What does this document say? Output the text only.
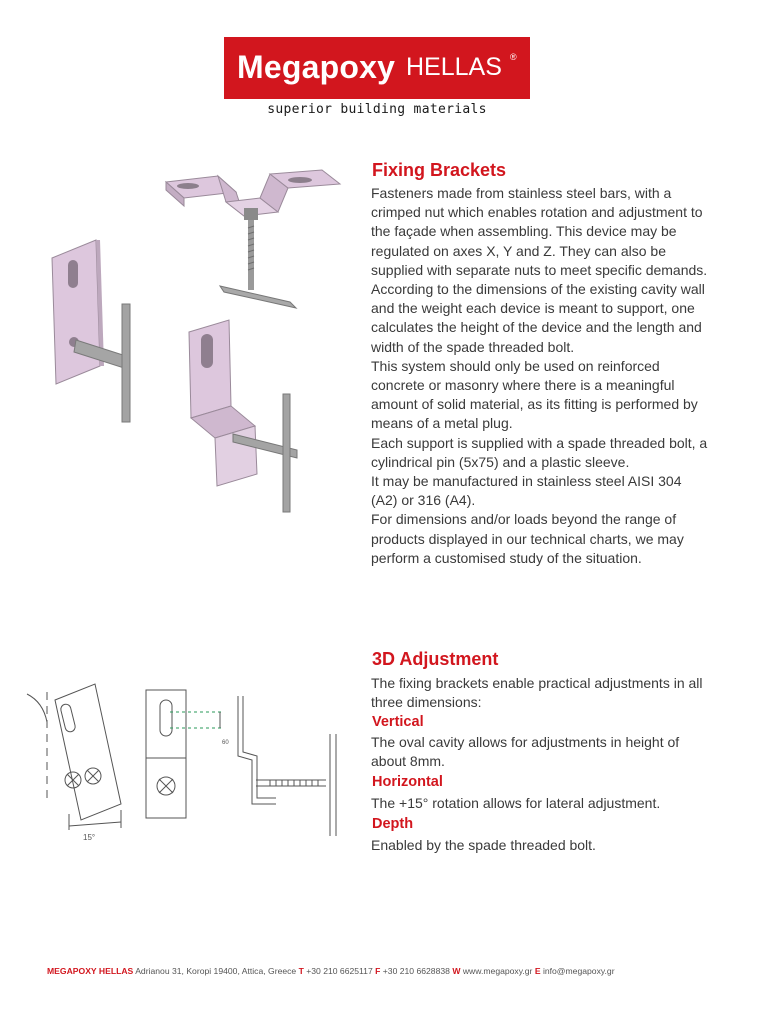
Megapoxy HELLAS ®
superior building materials
Fixing Brackets
Fasteners made from stainless steel bars, with a
crimped nut which enables rotation and adjustment to
the façade when assembling. This device may be
regulated on axes X, Y and Z. They can also be
supplied with separate nuts to meet specific demands.
According to the dimensions of the existing cavity wall
and the weight each device is meant to support, one
calculates the height of the device and the length and
width of the spade threaded bolt.
This system should only be used on reinforced
concrete or masonry where there is a meaningful
amount of solid material, as its fitting is performed by
means of a metal plug.
Each support is supplied with a spade threaded bolt, a
cylindrical pin (5x75) and a plastic sleeve.
It may be manufactured in stainless steel AISI 304
(A2) or 316 (A4).
For dimensions and/or loads beyond the range of
products displayed in our technical charts, we may
perform a customised study of the situation.
15°
60
3D Adjustment
The fixing brackets enable practical adjustments in all
three dimensions:
Vertical
The oval cavity allows for adjustments in height of
about 8mm.
Horizontal
The +15° rotation allows for lateral adjustment.
Depth
Enabled by the spade threaded bolt.
MEGAPOXY HELLAS Adrianou 31, Koropi 19400, Attica, Greece T +30 210 6625117 F +30 210 6628838 W www.megapoxy.gr E info@megapoxy.gr
